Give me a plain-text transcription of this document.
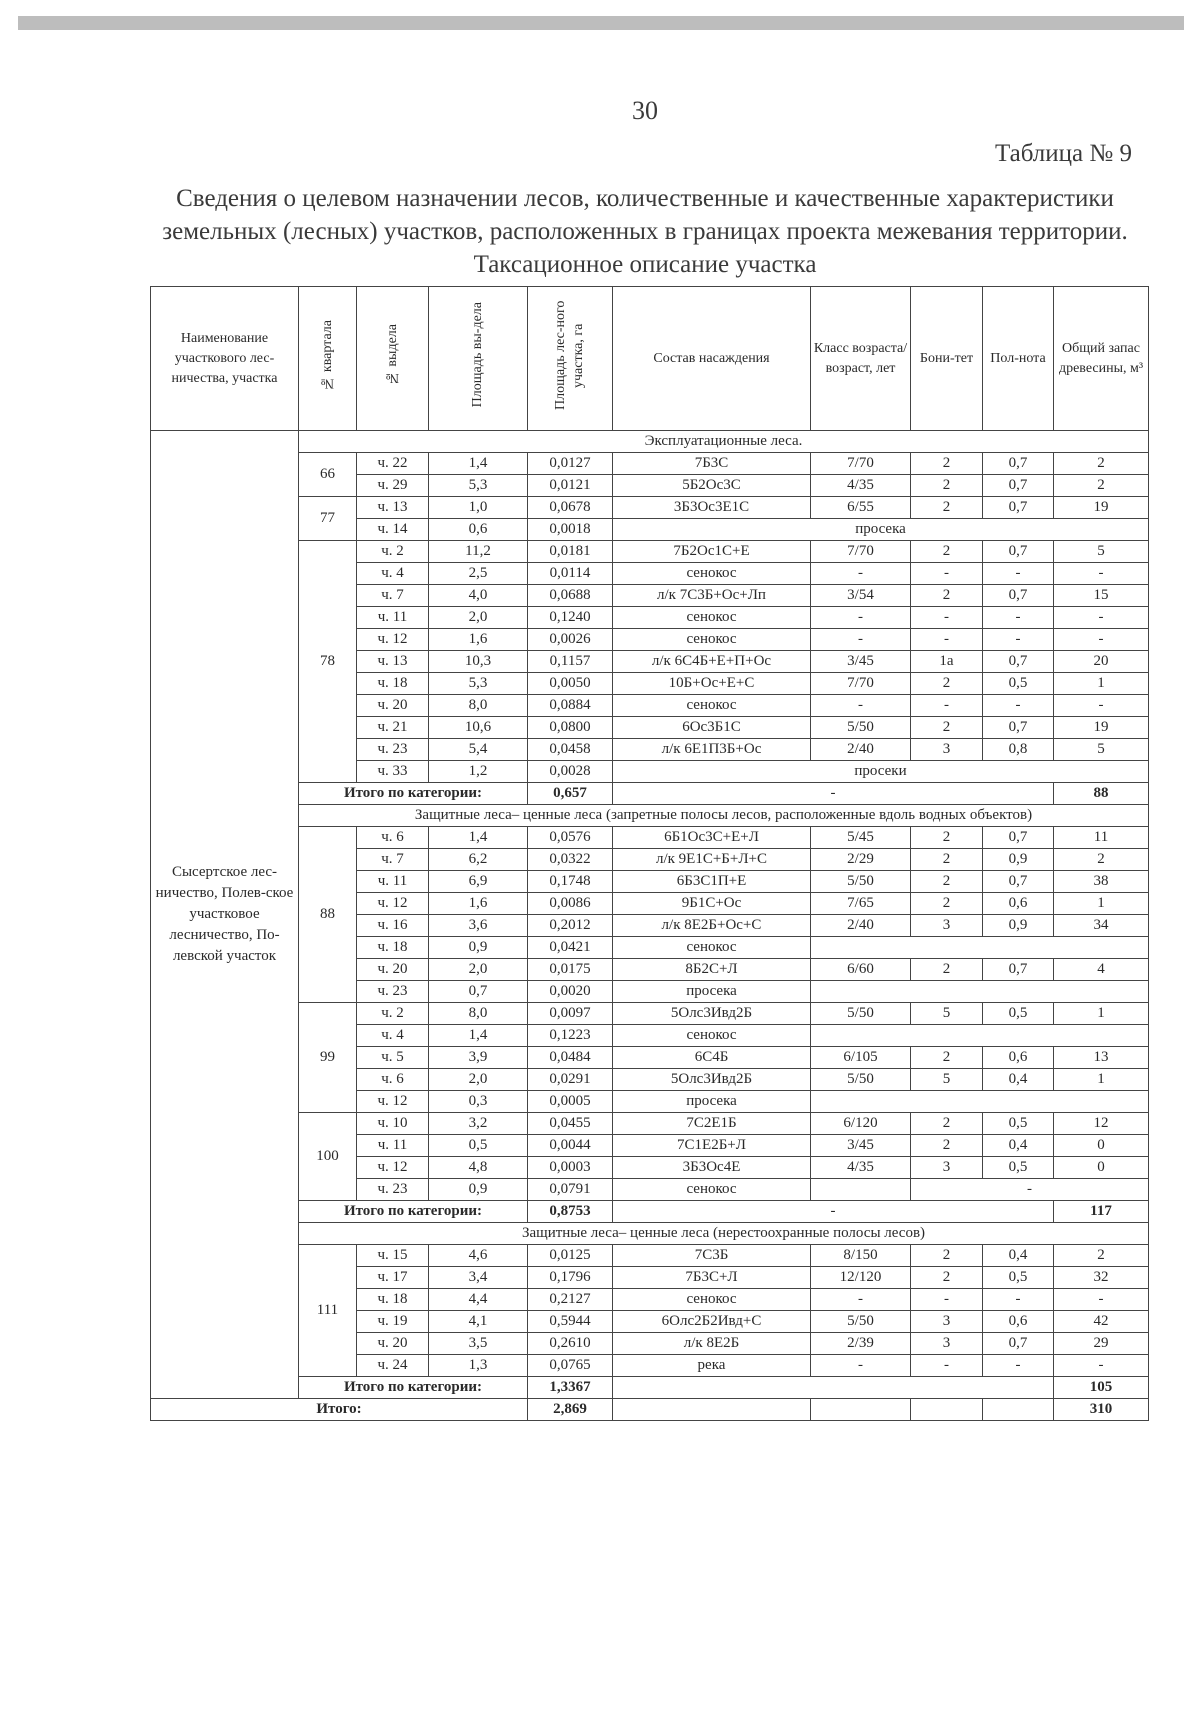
30
Таблица № 9
Сведения о целевом назначении лесов, количественные и качественные характеристики земельных (лесных) участков, расположенных в границах проекта межевания территории. Таксационное описание участка
Наименование участкового лес-ничества, участка	№ квартала	№ выдела	Площадь вы-дела	Площадь лес-ного участка, га	Состав насаждения	Класс возраста/ возраст, лет	Бони-тет	Пол-нота	Общий запас древесины, м³	
Сысертское лес-ничество, Полев-ское участковое лесничество, По-левской участок	Эксплуатационные леса.									
	66	ч. 22	1,4	0,0127	7Б3С	7/70	2	0,7	2	
		ч. 29	5,3	0,0121	5Б2Ос3С	4/35	2	0,7	2	
	77	ч. 13	1,0	0,0678	3Б3Ос3Е1С	6/55	2	0,7	19	
		ч. 14	0,6	0,0018	просека					
	78	ч. 2	11,2	0,0181	7Б2Ос1С+Е	7/70	2	0,7	5	
		ч. 4	2,5	0,0114	сенокос	-	-	-	-	
		ч. 7	4,0	0,0688	л/к 7С3Б+Ос+Лп	3/54	2	0,7	15	
		ч. 11	2,0	0,1240	сенокос	-	-	-	-	
		ч. 12	1,6	0,0026	сенокос	-	-	-	-	
		ч. 13	10,3	0,1157	л/к 6С4Б+Е+П+Ос	3/45	1а	0,7	20	
		ч. 18	5,3	0,0050	10Б+Ос+Е+С	7/70	2	0,5	1	
		ч. 20	8,0	0,0884	сенокос	-	-	-	-	
		ч. 21	10,6	0,0800	6Ос3Б1С	5/50	2	0,7	19	
		ч. 23	5,4	0,0458	л/к 6Е1П3Б+Ос	2/40	3	0,8	5	
		ч. 33	1,2	0,0028	просеки					
	Итого по категории:			0,657	-				88	
	Защитные леса– ценные леса (запретные полосы лесов, расположенные вдоль водных объектов)									
	88	ч. 6	1,4	0,0576	6Б1Ос3С+Е+Л	5/45	2	0,7	11	
		ч. 7	6,2	0,0322	л/к 9Е1С+Б+Л+С	2/29	2	0,9	2	
		ч. 11	6,9	0,1748	6Б3С1П+Е	5/50	2	0,7	38	
		ч. 12	1,6	0,0086	9Б1С+Ос	7/65	2	0,6	1	
		ч. 16	3,6	0,2012	л/к 8Е2Б+Ос+С	2/40	3	0,9	34	
		ч. 18	0,9	0,0421	сенокос					
		ч. 20	2,0	0,0175	8Б2С+Л	6/60	2	0,7	4	
		ч. 23	0,7	0,0020	просека					
	99	ч. 2	8,0	0,0097	5Олс3Ивд2Б	5/50	5	0,5	1	
		ч. 4	1,4	0,1223	сенокос					
		ч. 5	3,9	0,0484	6С4Б	6/105	2	0,6	13	
		ч. 6	2,0	0,0291	5Олс3Ивд2Б	5/50	5	0,4	1	
		ч. 12	0,3	0,0005	просека					
	100	ч. 10	3,2	0,0455	7С2Е1Б	6/120	2	0,5	12	
		ч. 11	0,5	0,0044	7С1Е2Б+Л	3/45	2	0,4	0	
		ч. 12	4,8	0,0003	3Б3Ос4Е	4/35	3	0,5	0	
		ч. 23	0,9	0,0791	сенокос		-	
	Итого по категории:			0,8753	-				117	
	Защитные леса– ценные леса (нерестоохранные полосы лесов)									
	111	ч. 15	4,6	0,0125	7С3Б	8/150	2	0,4	2	
		ч. 17	3,4	0,1796	7Б3С+Л	12/120	2	0,5	32	
		ч. 18	4,4	0,2127	сенокос	-	-	-	-	
		ч. 19	4,1	0,5944	6Олс2Б2Ивд+С	5/50	3	0,6	42	
		ч. 20	3,5	0,2610	л/к 8Е2Б	2/39	3	0,7	29	
		ч. 24	1,3	0,0765	река	-	-	-	-	
	Итого по категории:			1,3367					105	
Итого:				2,869					310	
